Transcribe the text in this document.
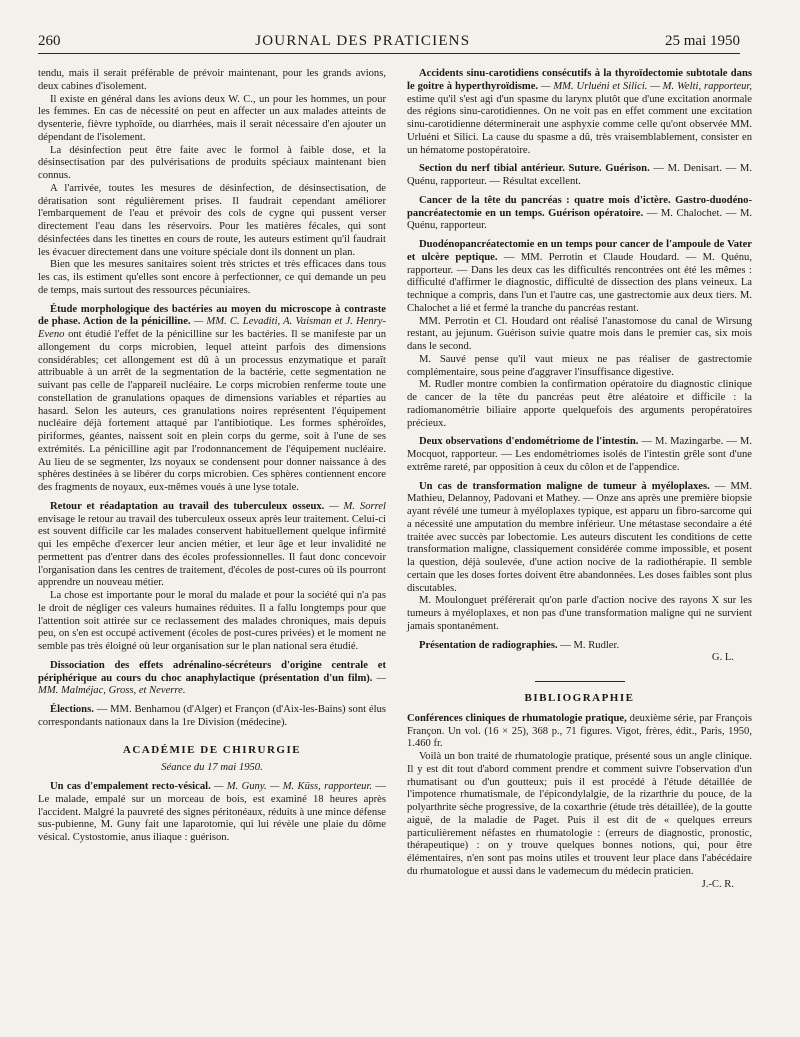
260	JOURNAL DES PRATICIENS	25 mai 1950

tendu, mais il serait préférable de prévoir maintenant, pour les grands avions, deux cabines d'isolement.

Il existe en général dans les avions deux W. C., un pour les hommes, un pour les femmes. En cas de nécessité on peut en affecter un aux malades atteints de dysenterie, fièvre typhoïde, ou diarrhées, mais il serait nécessaire d'en ajouter un dépendant de l'isolement.

La désinfection peut être faite avec le formol à faible dose, et la désinsectisation par des pulvérisations de produits spéciaux maintenant bien connus.

A l'arrivée, toutes les mesures de désinfection, de désinsectisation, de dératisation sont régulièrement prises. Il faudrait cependant améliorer l'embarquement de l'eau et prévoir des cols de cygne qui pussent verser directement l'eau dans les réservoirs. Pour les matières fécales, qui sont désinfectées dans les tinettes en cours de route, les auteurs estiment qu'il faudrait les évacuer directement dans une voiture spéciale dont ils donnent un plan.

Bien que les mesures sanitaires soient très strictes et très efficaces dans tous les cas, ils estiment qu'elles sont encore à perfectionner, ce qui demande un peu de temps, mais surtout des ressources pécuniaires.

Étude morphologique des bactéries au moyen du microscope à contraste de phase. Action de la pénicilline. — MM. C. Levaditi, A. Vaisman et J. Henry-Eveno ont étudié l'effet de la pénicilline sur les bactéries. Il se manifeste par un allongement du corps microbien, lequel atteint parfois des dimensions considérables; cet allongement est dû à un processus enzymatique et paraît attribuable à un arrêt de la segmentation de la bactérie, cette segmentation ne suivant pas celle de l'appareil nucléaire. Le corps microbien renferme toute une constellation de granulations opaques de dimensions variables et réparties au hasard. Selon les auteurs, ces granulations noires représentent l'équipement nucléaire déjà fortement attaqué par l'antibiotique. Les formes sphéroïdes, piriformes, géantes, naissent soit en plein corps du germe, soit à l'une de ses extrémités. La pénicilline agit par l'rodonnancement de l'équipement nucléaire. Au lieu de se segmenter, lzs noyaux se condensent pour donner naissance à des sphères destinées à se libérer du corps microbien. Ces sphères contiennent encore des fragments de noyaux, eux-mêmes voués à une lyse totale.

Retour et réadaptation au travail des tuberculeux osseux. — M. Sorrel envisage le retour au travail des tuberculeux osseux après leur traitement. Celui-ci est souvent difficile car les malades conservent habituellement quelque infirmité qui les empêche d'exercer leur ancien métier, et leur âge et leur invalidité ne permettent pas d'entrer dans des écoles professionnelles. Il faut donc concevoir l'organisation dans les centres de traitement, d'écoles de post-cures où ils pourront apprendre un nouveau métier.

La chose est importante pour le moral du malade et pour la société qui n'a pas le droit de négliger ces valeurs humaines réduites. Il a fallu longtemps pour que l'attention soit attirée sur ce reclassement des malades chroniques, mais depuis peu, on s'en est occupé activement (écoles de post-cures privées) et le moment ne semble pas très éloigné où leur organisation sur le plan national sera étudié.

Dissociation des effets adrénalino-sécréteurs d'origine centrale et périphérique au cours du choc anaphylactique (présentation d'un film). — MM. Malméjac, Gross, et Neverre.

Élections. — MM. Benhamou (d'Alger) et Françon (d'Aix-les-Bains) sont élus correspondants nationaux dans la 1re Division (médecine).

ACADÉMIE DE CHIRURGIE
Séance du 17 mai 1950.

Un cas d'empalement recto-vésical. — M. Guny. — M. Küss, rapporteur. — Le malade, empalé sur un morceau de bois, est examiné 18 heures après l'accident. Malgré la pauvreté des signes péritonéaux, réduits à une mince défense sus-pubienne, M. Guny fait une laparotomie, qui lui révèle une plaie du dôme vésical. Cystostomie, anus iliaque : guérison.

Accidents sinu-carotidiens consécutifs à la thyroïdectomie subtotale dans le goitre à hyperthyroïdisme. — MM. Urluéni et Silici. — M. Welti, rapporteur, estime qu'il s'est agi d'un spasme du larynx plutôt que d'une excitation anormale des régions sinu-carotidiennes. On ne voit pas en effet comment une excitation sinu-carotidienne déterminerait une asphyxie comme celle qu'ont observée MM. Urluéni et Silici. La cause du spasme a dû, très vraisemblablement, consister en un hématome postopératoire.

Section du nerf tibial antérieur. Suture. Guérison. — M. Denisart. — M. Quénu, rapporteur. — Résultat excellent.

Cancer de la tête du pancréas : quatre mois d'ictère. Gastro-duodéno-pancréatectomie en un temps. Guérison opératoire. — M. Chalochet. — M. Quénu, rapporteur.

Duodénopancréatectomie en un temps pour cancer de l'ampoule de Vater et ulcère peptique. — MM. Perrotin et Claude Houdard. — M. Quénu, rapporteur. — Dans les deux cas les difficultés rencontrées ont été les mêmes : difficulté d'affirmer le diagnostic, difficulté de dissection des plans veineux. La technique a compris, dans l'un et l'autre cas, une gastrectomie aux deux tiers. M. Chalochet a lié et fermé la tranche du pancréas restant.

MM. Perrotin et Cl. Houdard ont réalisé l'anastomose du canal de Wirsung restant, au jejunum. Guérison suivie quatre mois dans le premier cas, six mois dans le second.

M. Sauvé pense qu'il vaut mieux ne pas réaliser de gastrectomie complémentaire, sous peine d'aggraver l'insuffisance digestive.

M. Rudler montre combien la confirmation opératoire du diagnostic clinique de cancer de la tête du pancréas peut être aléatoire et difficile : la radiomanométrie biliaire apporte quelquefois des arguments peropératoires précieux.

Deux observations d'endométriome de l'intestin. — M. Mazingarbe. — M. Mocquot, rapporteur. — Les endométriomes isolés de l'intestin grêle sont d'une extrême rareté, par opposition à ceux du côlon et de l'appendice.

Un cas de transformation maligne de tumeur à myéloplaxes. — MM. Mathieu, Delannoy, Padovani et Mathey. — Onze ans après une première biopsie ayant révélé une tumeur à myéloplaxes typique, est apparu un fibro-sarcome qui a nécessité une amputation du membre inférieur. Une métastase secondaire a été traitée avec succès par lobectomie. Les auteurs discutent les conditions de cette transformation maligne, classiquement considérée comme impossible, et posent la question, déjà soulevée, d'une action nocive de la radiothérapie. Il semble certain que les doses fortes doivent être abandonnées. Les doses faibles sont plus discutables.

M. Moulonguet préférerait qu'on parle d'action nocive des rayons X sur les tumeurs à myéloplaxes, et non pas d'une transformation maligne qui ne survient jamais spontanément.

Présentation de radiographies. — M. Rudler.

G. L.
BIBLIOGRAPHIE

Conférences cliniques de rhumatologie pratique, deuxième série, par François Françon. Un vol. (16 × 25), 368 p., 71 figures. Vigot, frères, édit., Paris, 1950, 1.460 fr.

Voilà un bon traité de rhumatologie pratique, présenté sous un angle clinique. Il y est dit tout d'abord comment prendre et comment suivre l'observation d'un rhumatisant ou d'un goutteux; puis il est procédé à l'étude détaillée de l'impotence rhumatismale, de l'épicondylalgie, de la rizarthrie du pouce, de la polyarthrite sèche progressive, de la coxarthrie (étude très détaillée), de la goutte aiguë, de la maladie de Paget. Puis il est dit de « quelques erreurs particulièrement néfastes en rhumatologie : (erreurs de diagnostic, pronostic, thérapeutique) : on y trouve quelques bonnes notions, qui, pour être élémentaires, n'en sont pas moins utiles et trouvent leur place dans l'abécédaire du rhumatologue et aussi dans le vademecum du médecin praticien.

J.-C. R.
